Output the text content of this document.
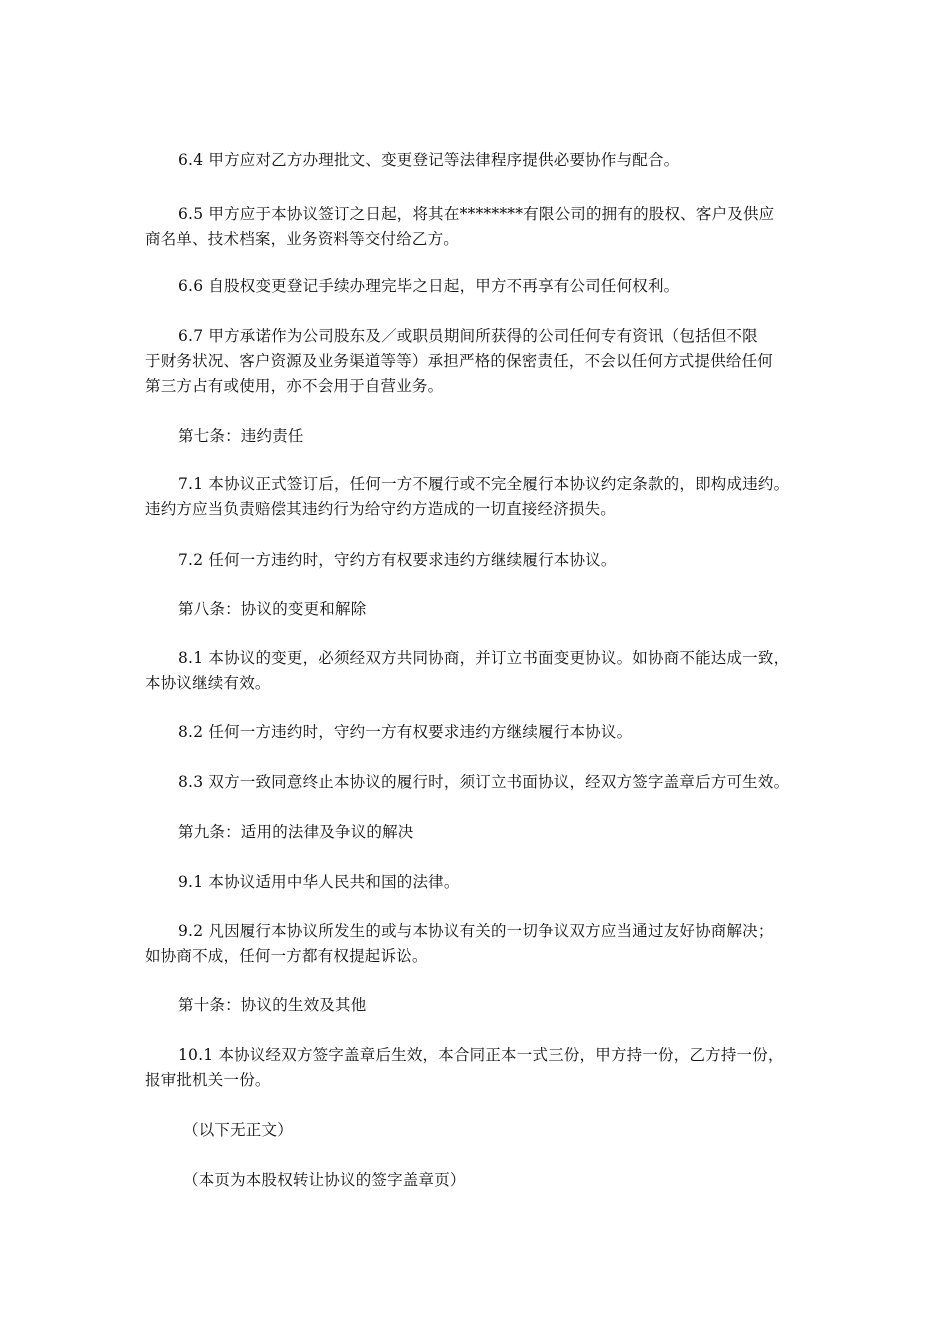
6.4 甲方应对乙方办理批文、变更登记等法律程序提供必要协作与配合。
6.5 甲方应于本协议签订之日起，将其在********有限公司的拥有的股权、客户及供应
商名单、技术档案，业务资料等交付给乙方。
6.6 自股权变更登记手续办理完毕之日起，甲方不再享有公司任何权利。
6.7 甲方承诺作为公司股东及／或职员期间所获得的公司任何专有资讯（包括但不限
于财务状况、客户资源及业务渠道等等）承担严格的保密责任，不会以任何方式提供给任何
第三方占有或使用，亦不会用于自营业务。
第七条：违约责任
7.1 本协议正式签订后，任何一方不履行或不完全履行本协议约定条款的，即构成违约。
违约方应当负责赔偿其违约行为给守约方造成的一切直接经济损失。
7.2 任何一方违约时，守约方有权要求违约方继续履行本协议。
第八条：协议的变更和解除
8.1 本协议的变更，必须经双方共同协商，并订立书面变更协议。如协商不能达成一致，
本协议继续有效。
8.2 任何一方违约时，守约一方有权要求违约方继续履行本协议。
8.3 双方一致同意终止本协议的履行时，须订立书面协议，经双方签字盖章后方可生效。
第九条：适用的法律及争议的解决
9.1 本协议适用中华人民共和国的法律。
9.2 凡因履行本协议所发生的或与本协议有关的一切争议双方应当通过友好协商解决；
如协商不成，任何一方都有权提起诉讼。
第十条：协议的生效及其他
10.1 本协议经双方签字盖章后生效，本合同正本一式三份，甲方持一份，乙方持一份，
报审批机关一份。
（以下无正文）
（本页为本股权转让协议的签字盖章页）
